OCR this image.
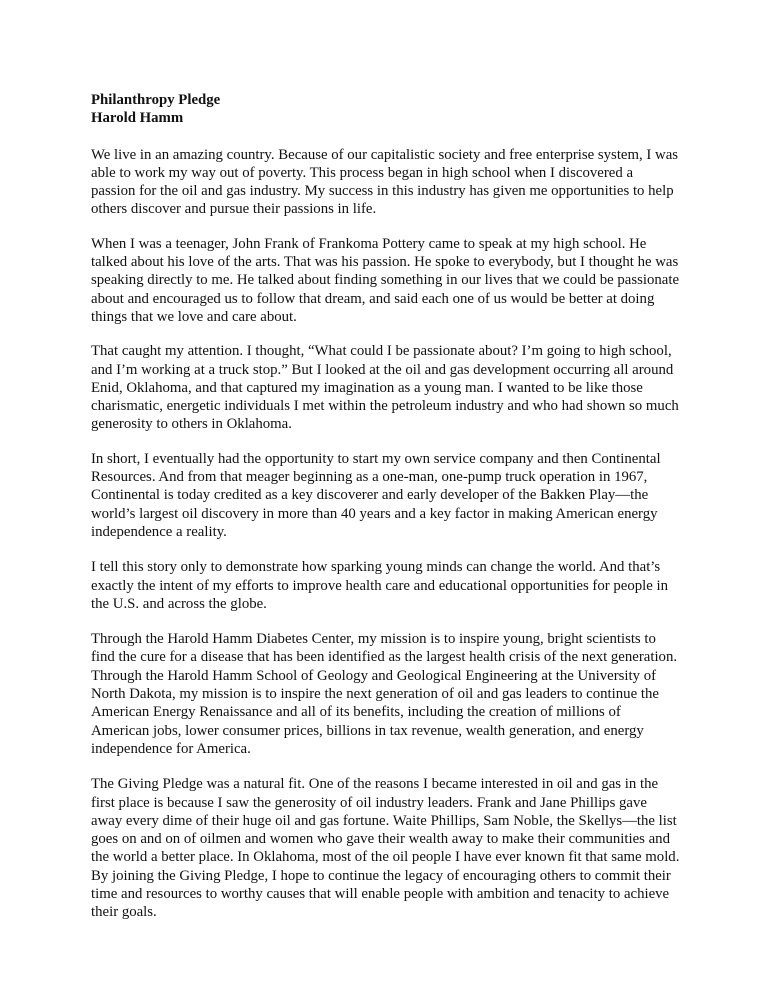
Philanthropy Pledge
Harold Hamm

We live in an amazing country. Because of our capitalistic society and free enterprise system, I was able to work my way out of poverty. This process began in high school when I discovered a passion for the oil and gas industry. My success in this industry has given me opportunities to help others discover and pursue their passions in life.

When I was a teenager, John Frank of Frankoma Pottery came to speak at my high school. He talked about his love of the arts. That was his passion. He spoke to everybody, but I thought he was speaking directly to me. He talked about finding something in our lives that we could be passionate about and encouraged us to follow that dream, and said each one of us would be better at doing things that we love and care about.

That caught my attention. I thought, “What could I be passionate about? I’m going to high school, and I’m working at a truck stop.” But I looked at the oil and gas development occurring all around Enid, Oklahoma, and that captured my imagination as a young man. I wanted to be like those charismatic, energetic individuals I met within the petroleum industry and who had shown so much generosity to others in Oklahoma.

In short, I eventually had the opportunity to start my own service company and then Continental Resources. And from that meager beginning as a one-man, one-pump truck operation in 1967, Continental is today credited as a key discoverer and early developer of the Bakken Play—the world’s largest oil discovery in more than 40 years and a key factor in making American energy independence a reality.

I tell this story only to demonstrate how sparking young minds can change the world. And that’s exactly the intent of my efforts to improve health care and educational opportunities for people in the U.S. and across the globe.

Through the Harold Hamm Diabetes Center, my mission is to inspire young, bright scientists to find the cure for a disease that has been identified as the largest health crisis of the next generation. Through the Harold Hamm School of Geology and Geological Engineering at the University of North Dakota, my mission is to inspire the next generation of oil and gas leaders to continue the American Energy Renaissance and all of its benefits, including the creation of millions of American jobs, lower consumer prices, billions in tax revenue, wealth generation, and energy independence for America.

The Giving Pledge was a natural fit. One of the reasons I became interested in oil and gas in the first place is because I saw the generosity of oil industry leaders. Frank and Jane Phillips gave away every dime of their huge oil and gas fortune. Waite Phillips, Sam Noble, the Skellys—the list goes on and on of oilmen and women who gave their wealth away to make their communities and the world a better place. In Oklahoma, most of the oil people I have ever known fit that same mold. By joining the Giving Pledge, I hope to continue the legacy of encouraging others to commit their time and resources to worthy causes that will enable people with ambition and tenacity to achieve their goals.
